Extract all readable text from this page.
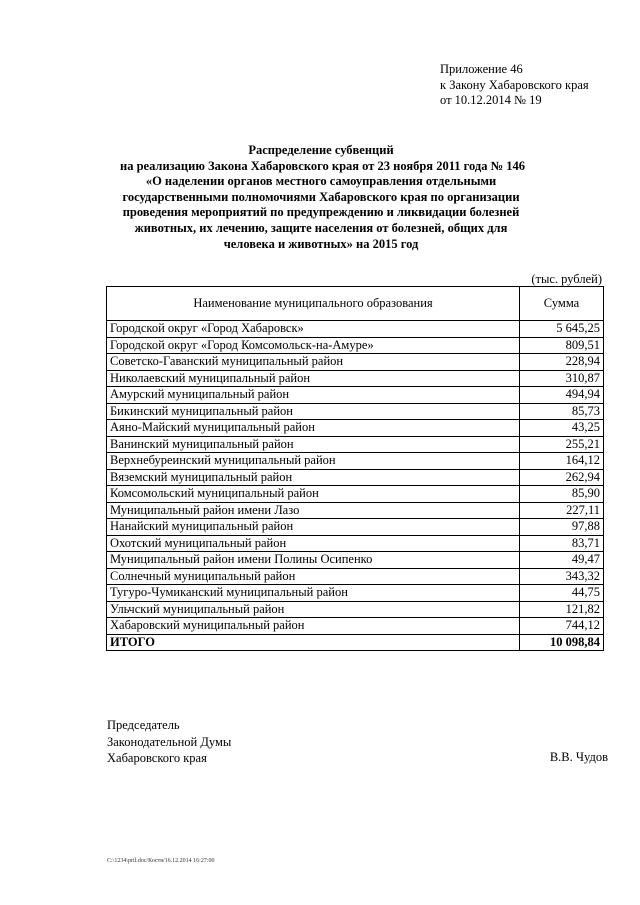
Приложение 46
к Закону Хабаровского края
от 10.12.2014 № 19
Распределение субвенций
на реализацию Закона Хабаровского края от 23 ноября 2011 года № 146
«О наделении органов местного самоуправления отдельными
государственными полномочиями Хабаровского края по организации
проведения мероприятий по предупреждению и ликвидации болезней
животных, их лечению, защите населения от болезней, общих для
человека и животных» на 2015 год
(тыс. рублей)
Наименование муниципального образования	Сумма
Городской округ «Город Хабаровск»	5 645,25
Городской округ «Город Комсомольск-на-Амуре»	809,51
Советско-Гаванский муниципальный район	228,94
Николаевский муниципальный район	310,87
Амурский муниципальный район	494,94
Бикинский муниципальный район	85,73
Аяно-Майский муниципальный район	43,25
Ванинский муниципальный район	255,21
Верхнебуреинский муниципальный район	164,12
Вяземский муниципальный район	262,94
Комсомольский муниципальный район	85,90
Муниципальный район имени Лазо	227,11
Нанайский муниципальный район	97,88
Охотский муниципальный район	83,71
Муниципальный район имени Полины Осипенко	49,47
Солнечный муниципальный район	343,32
Тугуро-Чумиканский муниципальный район	44,75
Ульчский муниципальный район	121,82
Хабаровский муниципальный район	744,12
ИТОГО	10 098,84
Председатель
Законодательной Думы
Хабаровского края	В.В. Чудов
C:\1234\pril.doc/Костя/16.12.2014 16:27:00
